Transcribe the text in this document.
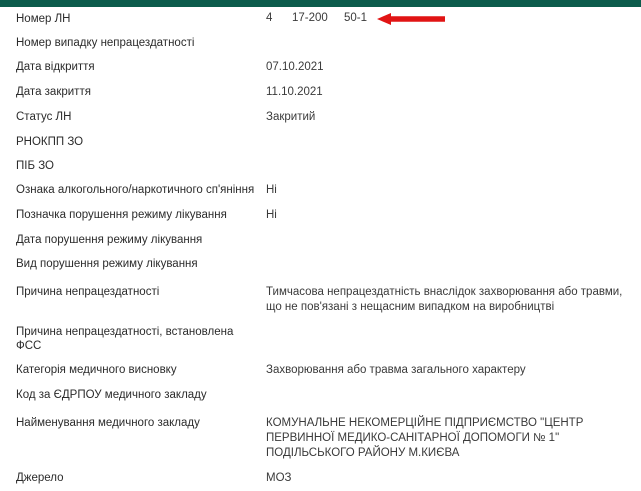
Номер ЛН	4	17-200	50-1
Номер випадку непрацездатності
Дата відкриття	07.10.2021
Дата закриття	11.10.2021
Статус ЛН	Закритий
РНОКПП ЗО
ПІБ ЗО
Ознака алкогольного/наркотичного сп'яніння	Ні
Позначка порушення режиму лікування	Ні
Дата порушення режиму лікування
Вид порушення режиму лікування
Причина непрацездатності	Тимчасова непрацездатність внаслідок захворювання або травми, що не пов'язані з нещасним випадком на виробництві
Причина непрацездатності, встановлена ФСС
Категорія медичного висновку	Захворювання або травма загального характеру
Код за ЄДРПОУ медичного закладу
Найменування медичного закладу	КОМУНАЛЬНЕ НЕКОМЕРЦІЙНЕ ПІДПРИЄМСТВО "ЦЕНТР ПЕРВИННОЇ МЕДИКО-САНІТАРНОЇ ДОПОМОГИ № 1" ПОДІЛЬСЬКОГО РАЙОНУ М.КИЄВА
Джерело	МОЗ
